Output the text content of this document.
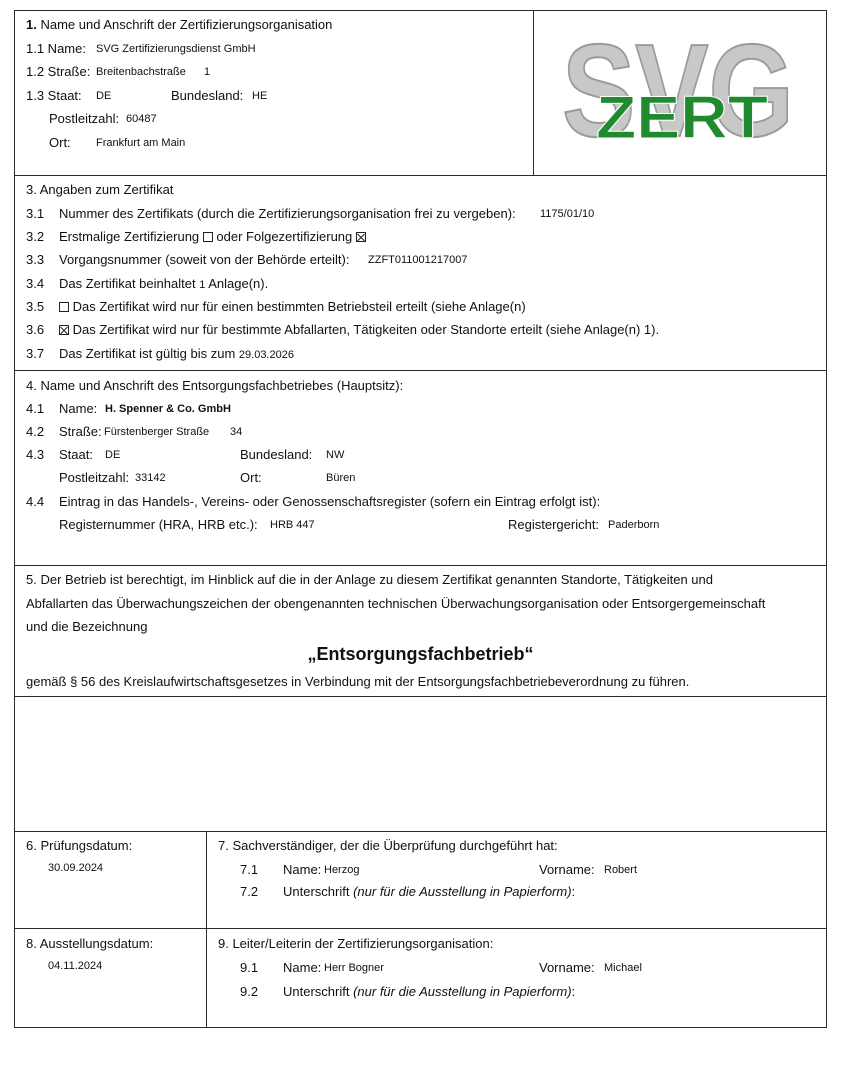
1. Name und Anschrift der Zertifizierungsorganisation
1.1 Name: SVG Zertifizierungsdienst GmbH
1.2 Straße: Breitenbachstraße 1
1.3 Staat: DE	Bundesland: HE
Postleitzahl: 60487
Ort: Frankfurt am Main	SVG
ZERT
3. Angaben zum Zertifikat
3.1 Nummer des Zertifikats (durch die Zertifizierungsorganisation frei zu vergeben): 1175/01/10
3.2 Erstmalige Zertifizierung oder Folgezertifizierung
3.3 Vorgangsnummer (soweit von der Behörde erteilt): ZZFT011001217007
3.4 Das Zertifikat beinhaltet 1 Anlage(n).
3.5	Das Zertifikat wird nur für einen bestimmten Betriebsteil erteilt (siehe Anlage(n)
3.6	Das Zertifikat wird nur für bestimmte Abfallarten, Tätigkeiten oder Standorte erteilt (siehe Anlage(n) 1).
3.7 Das Zertifikat ist gültig bis zum 29.03.2026
4. Name und Anschrift des Entsorgungsfachbetriebes (Hauptsitz):
4.1 Name: H. Spenner & Co. GmbH
4.2 Straße: Fürstenberger Straße 34
4.3 Staat: DE	Bundesland: NW
Postleitzahl: 33142	Ort:	Büren
4.4 Eintrag in das Handels-, Vereins- oder Genossenschaftsregister (sofern ein Eintrag erfolgt ist):
Registernummer (HRA, HRB etc.): HRB 447	Registergericht: Paderborn
5. Der Betrieb ist berechtigt, im Hinblick auf die in der Anlage zu diesem Zertifikat genannten Standorte, Tätigkeiten und
Abfallarten das Überwachungszeichen der obengenannten technischen Überwachungsorganisation oder Entsorgergemeinschaft
und die Bezeichnung
„Entsorgungsfachbetrieb“
gemäß § 56 des Kreislaufwirtschaftsgesetzes in Verbindung mit der Entsorgungsfachbetriebeverordnung zu führen.
6. Prüfungsdatum:
30.09.2024
7. Sachverständiger, der die Überprüfung durchgeführt hat:
7.1 Name: Herzog	Vorname: Robert
7.2 Unterschrift (nur für die Ausstellung in Papierform):
8. Ausstellungsdatum:
04.11.2024
9. Leiter/Leiterin der Zertifizierungsorganisation:
9.1 Name: Herr Bogner	Vorname: Michael
9.2 Unterschrift (nur für die Ausstellung in Papierform):
